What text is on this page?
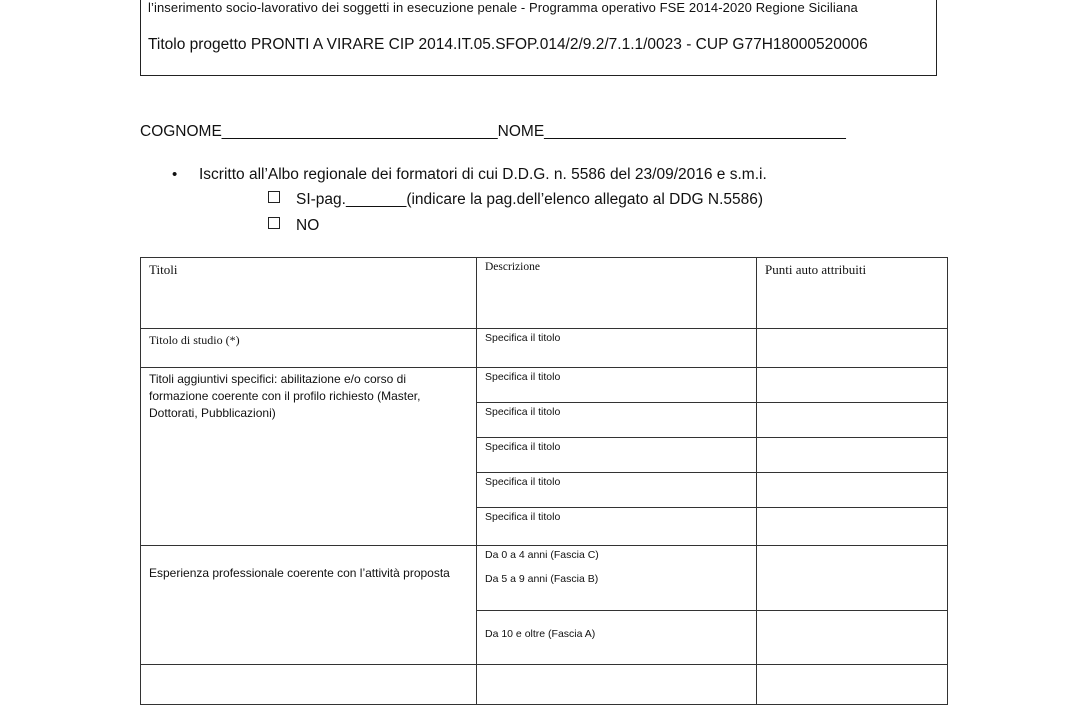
l’inserimento socio-lavorativo dei soggetti in esecuzione penale - Programma operativo FSE 2014-2020 Regione Siciliana
Titolo progetto PRONTI A VIRARE CIP 2014.IT.05.SFOP.014/2/9.2/7.1.1/0023 - CUP G77H18000520006
COGNOME________________________________NOME___________________________________
• Iscritto all’Albo regionale dei formatori di cui D.D.G. n. 5586 del 23/09/2016 e s.m.i.
SI-pag._______(indicare la pag.dell’elenco allegato al DDG N.5586)
NO
Titoli	Descrizione	Punti auto attribuiti
Titolo di studio (*)	Specifica il titolo	
Titoli aggiuntivi specifici: abilitazione e/o corso di formazione coerente con il profilo richiesto (Master, Dottorati, Pubblicazioni)	Specifica il titolo	
	Specifica il titolo	
	Specifica il titolo	
	Specifica il titolo	
	Specifica il titolo	

Esperienza professionale coerente con l’attività proposta	Da 0 a 4 anni (Fascia C)
Da 5 a 9 anni (Fascia B)	

	Da 10 e oltre (Fascia A)	
